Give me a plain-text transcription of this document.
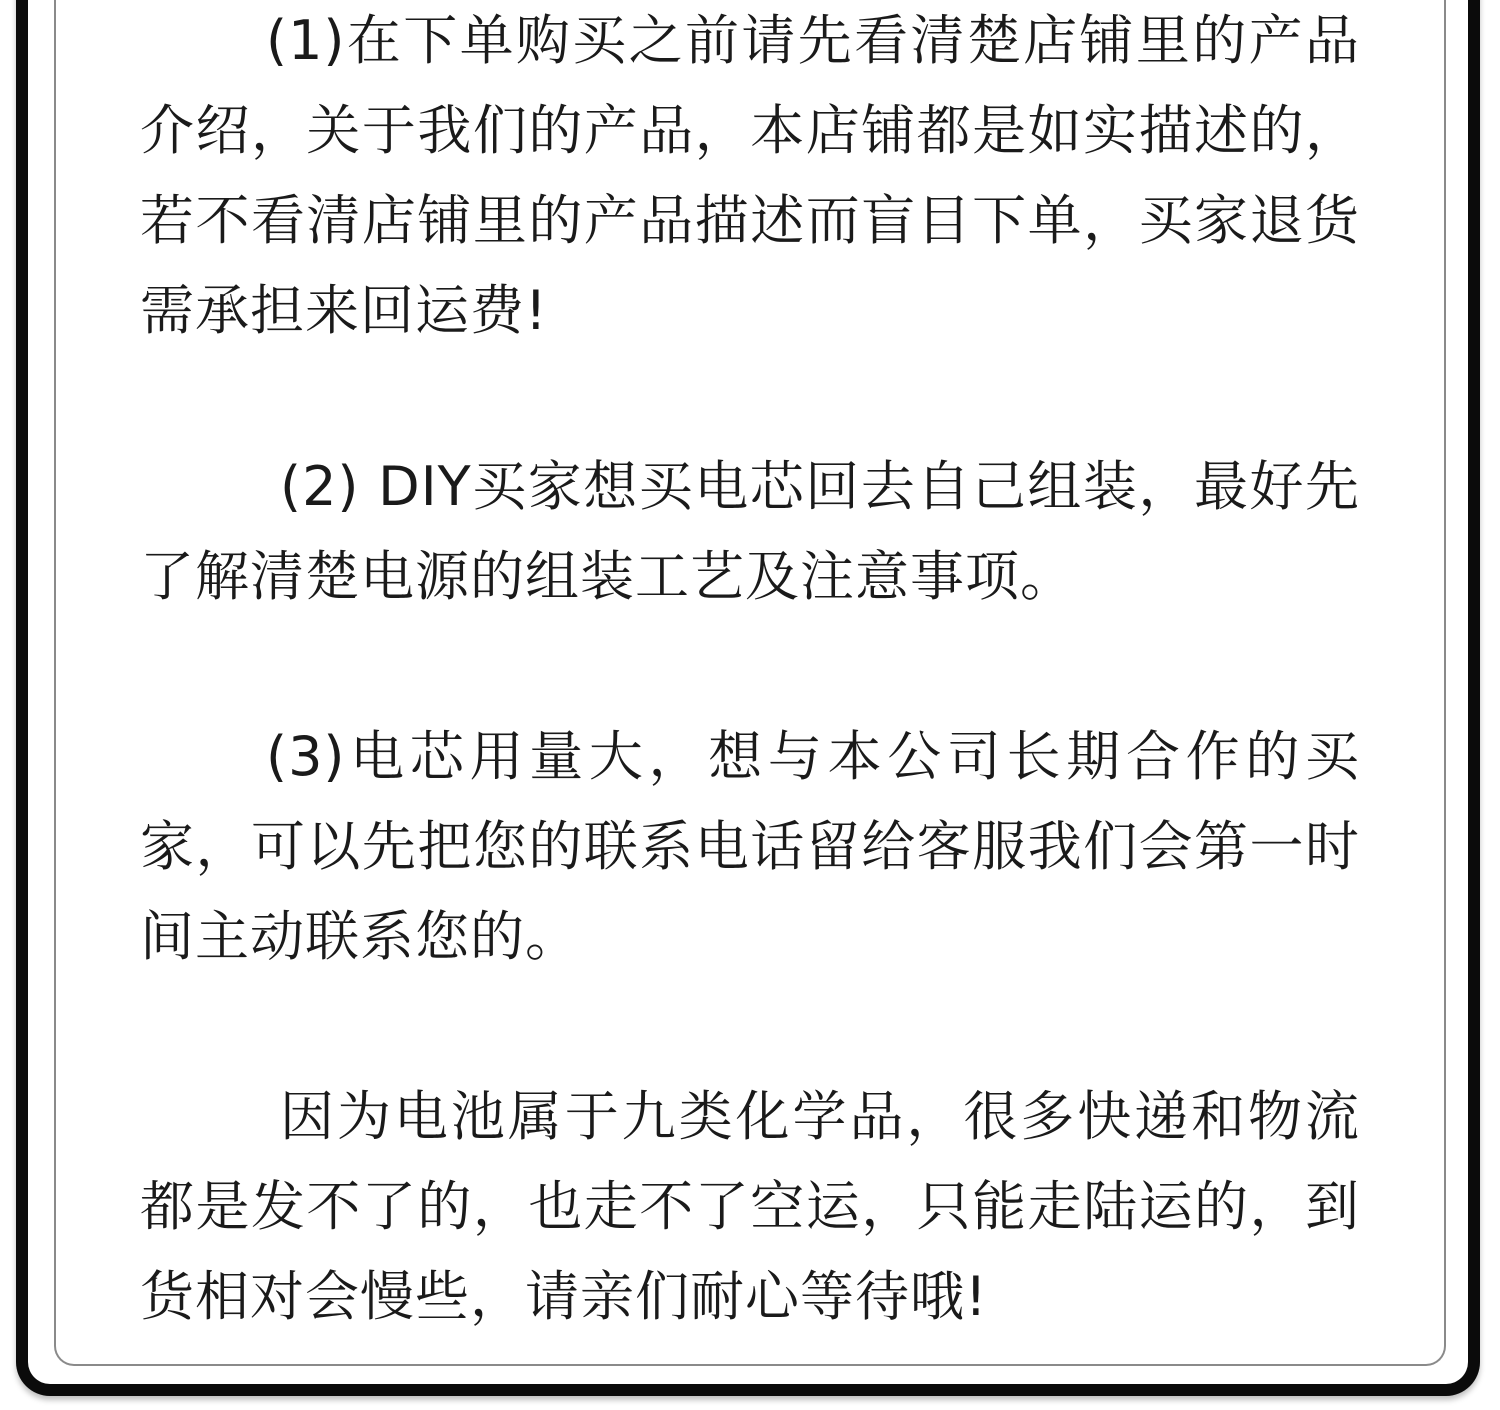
(1)在下单购买之前请先看清楚店铺里的产品介绍，关于我们的产品，本店铺都是如实描述的，若不看清店铺里的产品描述而盲目下单，买家退货需承担来回运费!

(2) DIY买家想买电芯回去自己组装，最好先了解清楚电源的组装工艺及注意事项。

(3)电芯用量大，想与本公司长期合作的买家，可以先把您的联系电话留给客服我们会第一时间主动联系您的。

因为电池属于九类化学品，很多快递和物流都是发不了的，也走不了空运，只能走陆运的，到货相对会慢些，请亲们耐心等待哦!
